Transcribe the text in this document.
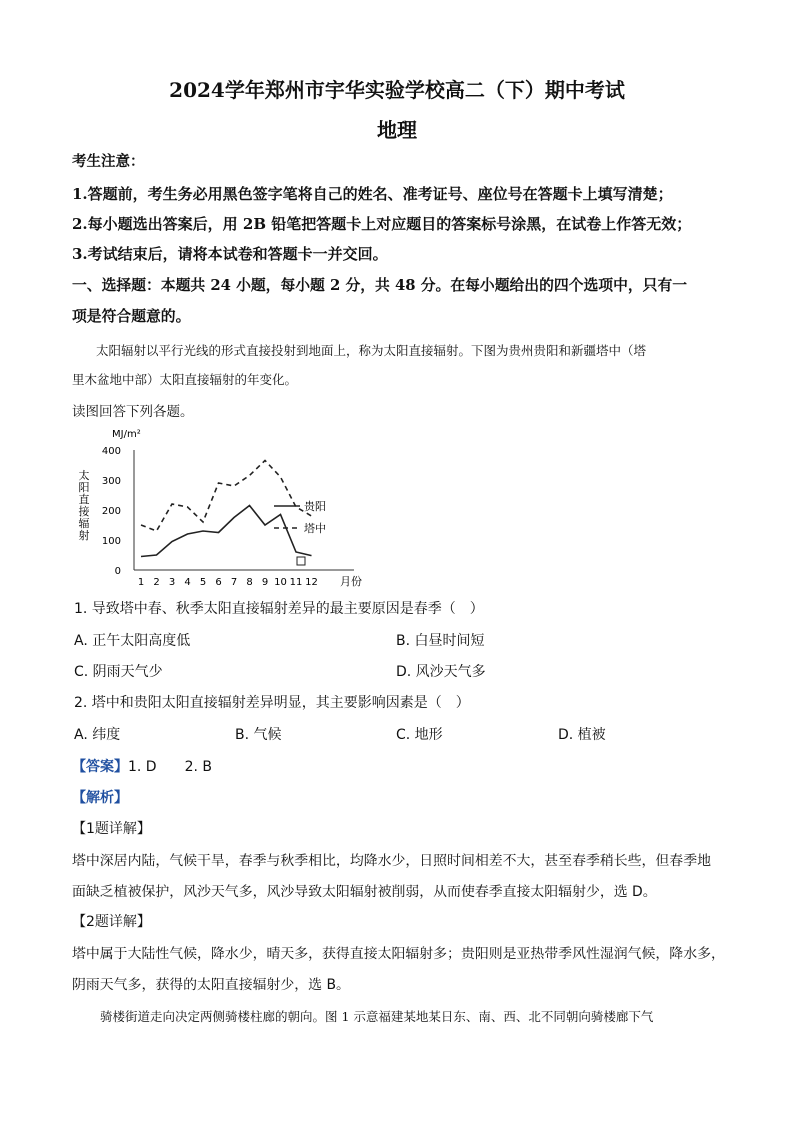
2024学年郑州市宇华实验学校高二（下）期中考试
地理
考生注意：
1.答题前，考生务必用黑色签字笔将自己的姓名、准考证号、座位号在答题卡上填写清楚；
2.每小题选出答案后，用 2B 铅笔把答题卡上对应题目的答案标号涂黑，在试卷上作答无效；
3.考试结束后，请将本试卷和答题卡一并交回。
一、选择题：本题共 24 小题，每小题 2 分，共 48 分。在每小题给出的四个选项中，只有一
项是符合题意的。
太阳辐射以平行光线的形式直接投射到地面上，称为太阳直接辐射。下图为贵州贵阳和新疆塔中（塔
里木盆地中部）太阳直接辐射的年变化。
读图回答下列各题。
MJ/m²
太
阳
直
接
辐
射
0
100
200
300
400
1 2 3 4 5 6 7 8 9 10 11 12
贵阳
塔中
月份
1. 导致塔中春、秋季太阳直接辐射差异的最主要原因是春季（　）
A. 正午太阳高度低	B. 白昼时间短
C. 阴雨天气少	D. 风沙天气多
2. 塔中和贵阳太阳直接辐射差异明显，其主要影响因素是（　）
A. 纬度	B. 气候	C. 地形	D. 植被
【答案】1. D　　2. B
【解析】
【1题详解】
塔中深居内陆，气候干旱，春季与秋季相比，均降水少，日照时间相差不大，甚至春季稍长些，但春季地
面缺乏植被保护，风沙天气多，风沙导致太阳辐射被削弱，从而使春季直接太阳辐射少，选 D。
【2题详解】
塔中属于大陆性气候，降水少，晴天多，获得直接太阳辐射多；贵阳则是亚热带季风性湿润气候，降水多，
阴雨天气多，获得的太阳直接辐射少，选 B。
骑楼街道走向决定两侧骑楼柱廊的朝向。图 1 示意福建某地某日东、南、西、北不同朝向骑楼廊下气
